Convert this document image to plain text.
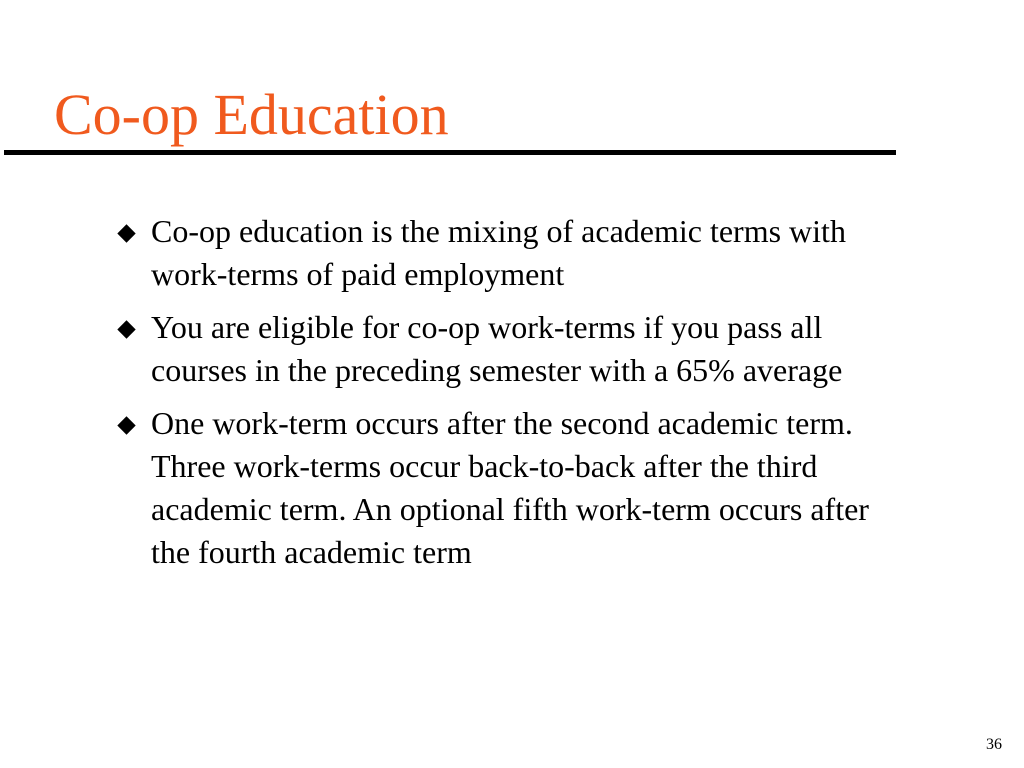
Co-op Education
Co-op education is the mixing of academic terms with work-terms of paid employment
You are eligible for co-op work-terms if you pass all courses in the preceding semester with a 65% average
One work-term occurs after the second academic term. Three work-terms occur back-to-back after the third academic term. An optional fifth work-term occurs after the fourth academic term
36
